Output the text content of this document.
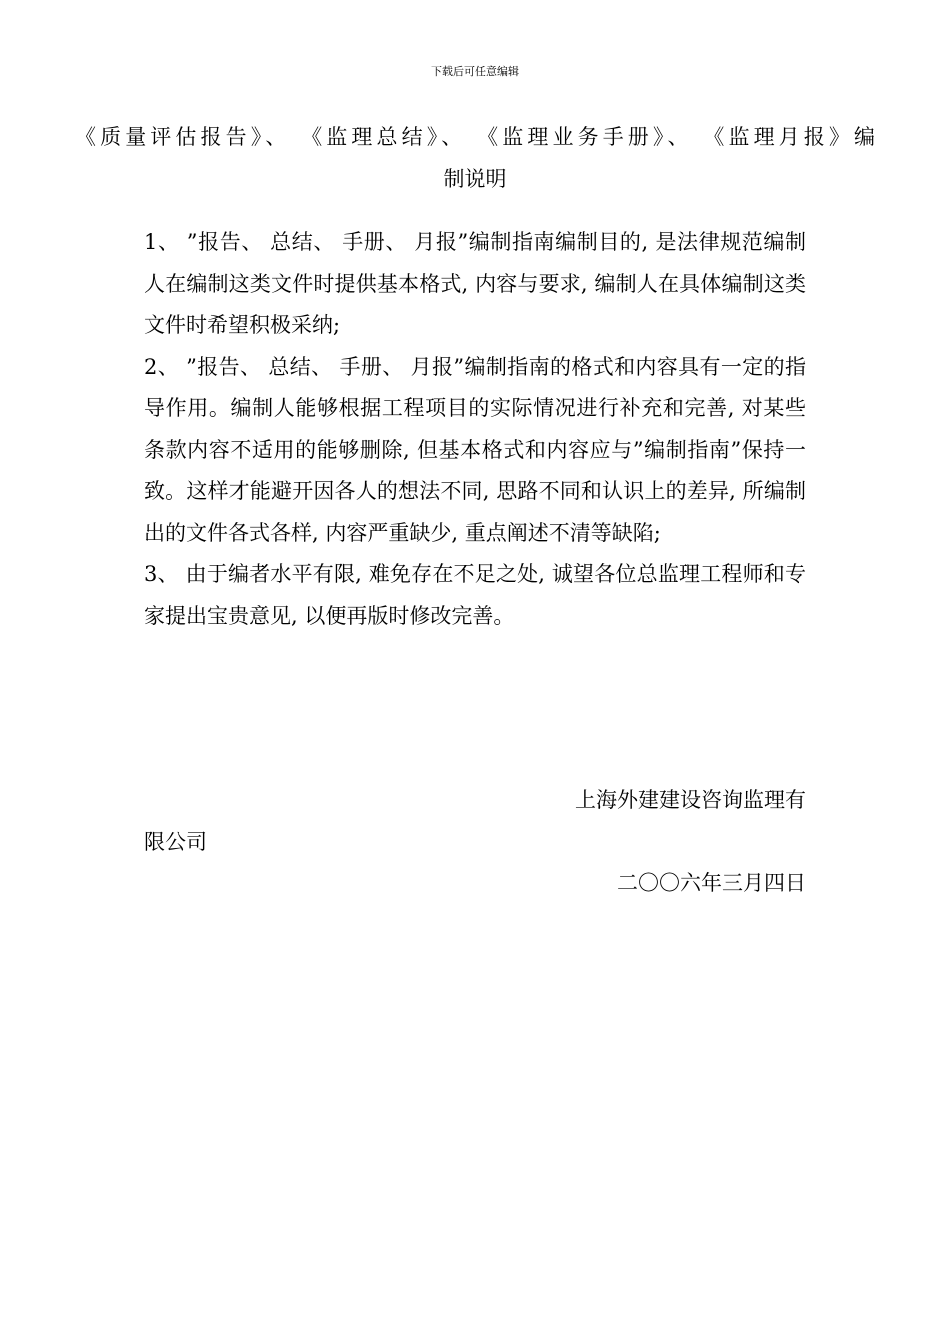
下载后可任意编辑
《质量评估报告》、 《监理总结》、 《监理业务手册》、 《监理月报》编
制说明

1、 ”报告、 总结、 手册、 月报”编制指南编制目的, 是法律规范编制人在编制这类文件时提供基本格式, 内容与要求, 编制人在具体编制这类文件时希望积极采纳;

2、 ”报告、 总结、 手册、 月报”编制指南的格式和内容具有一定的指导作用。编制人能够根据工程项目的实际情况进行补充和完善, 对某些条款内容不适用的能够删除, 但基本格式和内容应与”编制指南”保持一致。这样才能避开因各人的想法不同, 思路不同和认识上的差异, 所编制出的文件各式各样, 内容严重缺少, 重点阐述不清等缺陷;

3、 由于编者水平有限, 难免存在不足之处, 诚望各位总监理工程师和专家提出宝贵意见, 以便再版时修改完善。

上海外建建设咨询监理有
限公司
二〇〇六年三月四日
